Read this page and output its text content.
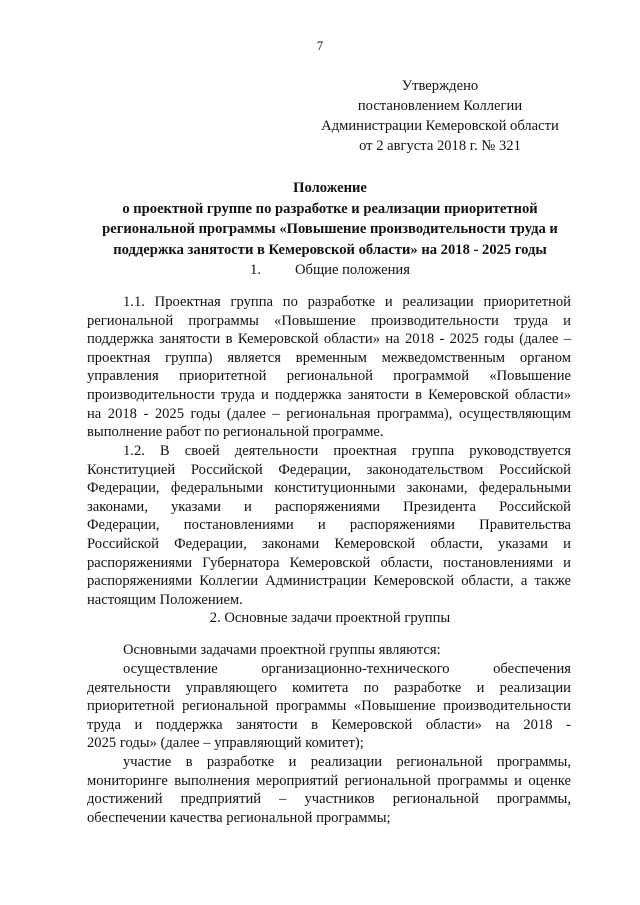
7
Утверждено
постановлением Коллегии
Администрации Кемеровской области
от 2 августа 2018 г. № 321
Положение
о проектной группе по разработке и реализации приоритетной
региональной программы «Повышение производительности труда и
поддержка занятости в Кемеровской области» на 2018 - 2025 годы
1. Общие положения
1.1. Проектная группа по разработке и реализации приоритетной
региональной программы «Повышение производительности труда и
поддержка занятости в Кемеровской области» на 2018 - 2025 годы (далее –
проектная группа) является временным межведомственным органом
управления приоритетной региональной программой «Повышение
производительности труда и поддержка занятости в Кемеровской области»
на 2018 - 2025 годы (далее – региональная программа), осуществляющим
выполнение работ по региональной программе.
1.2. В своей деятельности проектная группа руководствуется
Конституцией Российской Федерации, законодательством Российской
Федерации, федеральными конституционными законами, федеральными
законами, указами и распоряжениями Президента Российской
Федерации, постановлениями и распоряжениями Правительства
Российской Федерации, законами Кемеровской области, указами и
распоряжениями Губернатора Кемеровской области, постановлениями и
распоряжениями Коллегии Администрации Кемеровской области, а также
настоящим Положением.
2. Основные задачи проектной группы
Основными задачами проектной группы являются:
осуществление организационно-технического обеспечения
деятельности управляющего комитета по разработке и реализации
приоритетной региональной программы «Повышение производительности
труда и поддержка занятости в Кемеровской области» на 2018 -
2025 годы» (далее – управляющий комитет);
участие в разработке и реализации региональной программы,
мониторинге выполнения мероприятий региональной программы и оценке
достижений предприятий – участников региональной программы,
обеспечении качества региональной программы;
